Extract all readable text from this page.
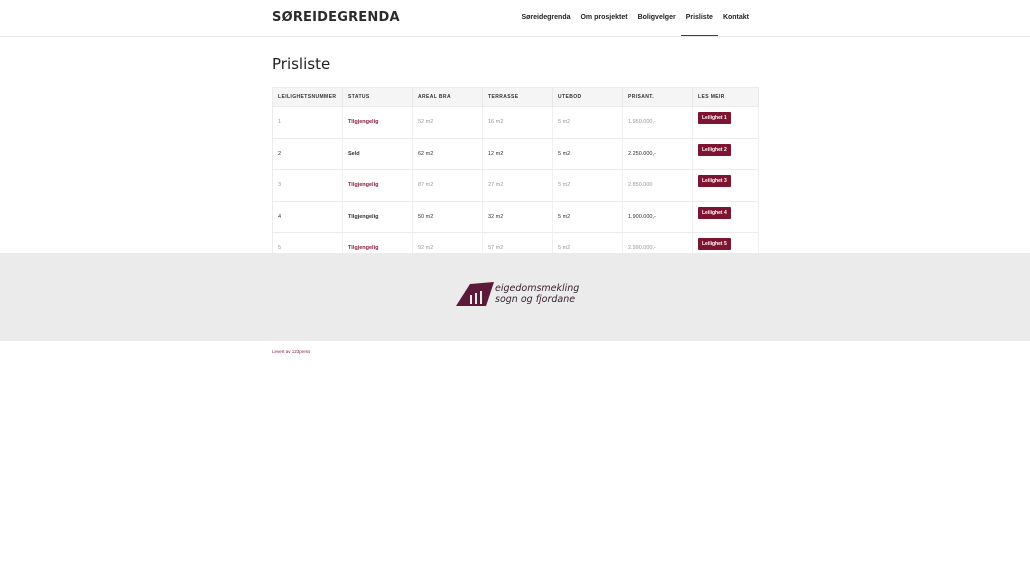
SØREIDEGRENDA	Søreidegrenda	Om prosjektet	Boligvelger	Prisliste	Kontakt
Prisliste
LEILIGHETSNUMMER	STATUS	AREAL BRA	TERRASSE	UTEBOD	PRISANT.	LES MEIR
1	Tilgjengelig	52 m2	16 m2	5 m2	1.950.000,-	Leilighet 1
2	Seld	62 m2	12 m2	5 m2	2.250.000,-	Leilighet 2
3	Tilgjengelig	87 m2	27 m2	5 m2	2.850.000	Leilighet 3
4	Tilgjengelig	50 m2	32 m2	5 m2	1.900.000,-	Leilighet 4
5	Tilgjengelig	92 m2	57 m2	5 m2	2.990.000,-	Leilighet 5
eigedomsmekling
sogn og fjordane
Levert av 123press
